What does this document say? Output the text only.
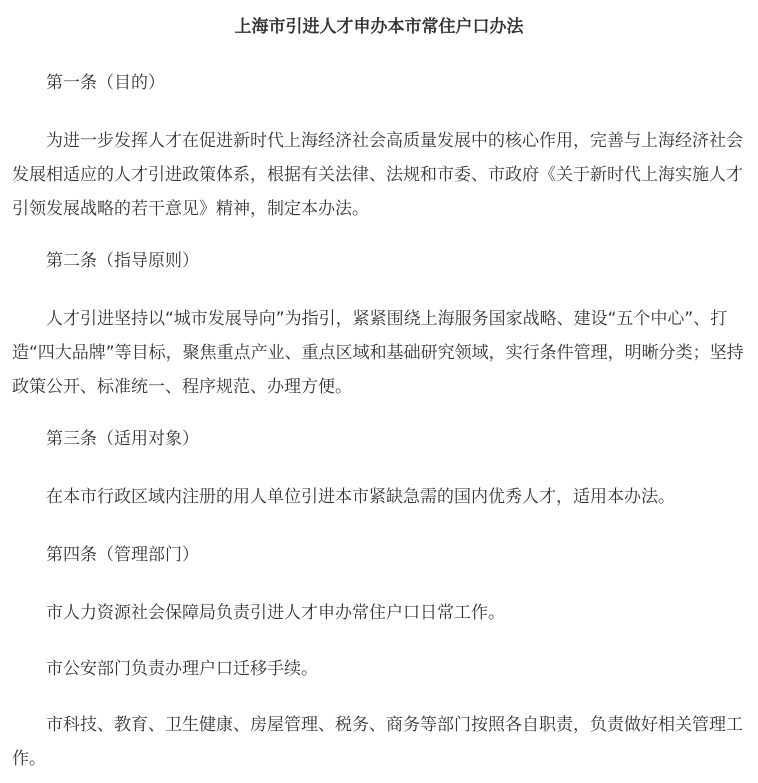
上海市引进人才申办本市常住户口办法

第一条（目的）

为进一步发挥人才在促进新时代上海经济社会高质量发展中的核心作用，完善与上海经济社会发展相适应的人才引进政策体系，根据有关法律、法规和市委、市政府《关于新时代上海实施人才引领发展战略的若干意见》精神，制定本办法。

第二条（指导原则）

人才引进坚持以“城市发展导向”为指引，紧紧围绕上海服务国家战略、建设“五个中心”、打造“四大品牌”等目标，聚焦重点产业、重点区域和基础研究领域，实行条件管理，明晰分类；坚持政策公开、标准统一、程序规范、办理方便。

第三条（适用对象）

在本市行政区域内注册的用人单位引进本市紧缺急需的国内优秀人才，适用本办法。

第四条（管理部门）

市人力资源社会保障局负责引进人才申办常住户口日常工作。

市公安部门负责办理户口迁移手续。

市科技、教育、卫生健康、房屋管理、税务、商务等部门按照各自职责，负责做好相关管理工作。
